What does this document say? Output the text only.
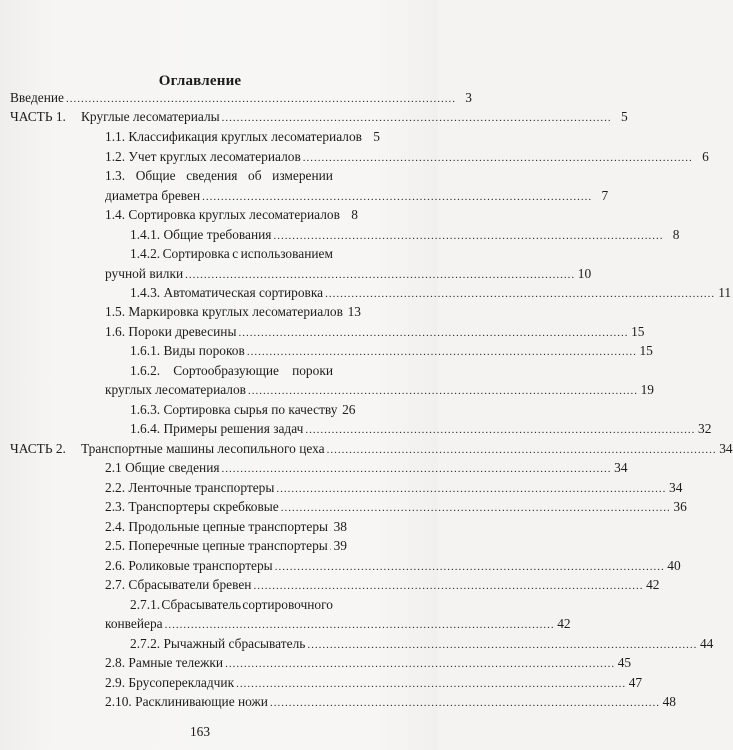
Оглавление
Введение ........................................................................................................ 3
ЧАСТЬ 1. Круглые лесоматериалы ........................................................................................................ 5
1.1. Классификация круглых лесоматериалов 5
1.2. Учет круглых лесоматериалов ........................................................................................................ 6
1.3. Общие сведения об измерении
диаметра бревен ........................................................................................................ 7
1.4. Сортировка круглых лесоматериалов 8
1.4.1. Общие требования ........................................................................................................ 8
1.4.2. Сортировка с использованием
ручной вилки ........................................................................................................ 10
1.4.3. Автоматическая сортировка ........................................................................................................ 11
1.5. Маркировка круглых лесоматериалов 13
1.6. Пороки древесины ........................................................................................................ 15
1.6.1. Виды пороков ........................................................................................................ 15
1.6.2. Сортообразующие пороки
круглых лесоматериалов ........................................................................................................ 19
1.6.3. Сортировка сырья по качеству 26
1.6.4. Примеры решения задач ........................................................................................................ 32
ЧАСТЬ 2. Транспортные машины лесопильного цеха ........................................................................................................ 34
2.1 Общие сведения ........................................................................................................ 34
2.2. Ленточные транспортеры ........................................................................................................ 34
2.3. Транспортеры скребковые ........................................................................................................ 36
2.4. Продольные цепные транспортеры 38
2.5. Поперечные цепные транспортеры 39
2.6. Роликовые транспортеры ........................................................................................................ 40
2.7. Сбрасыватели бревен ........................................................................................................ 42
2.7.1. Сбрасыватель сортировочного
конвейера ........................................................................................................ 42
2.7.2. Рычажный сбрасыватель ........................................................................................................ 44
2.8. Рамные тележки ........................................................................................................ 45
2.9. Брусоперекладчик ........................................................................................................ 47
2.10. Расклинивающие ножи ........................................................................................................ 48
163
